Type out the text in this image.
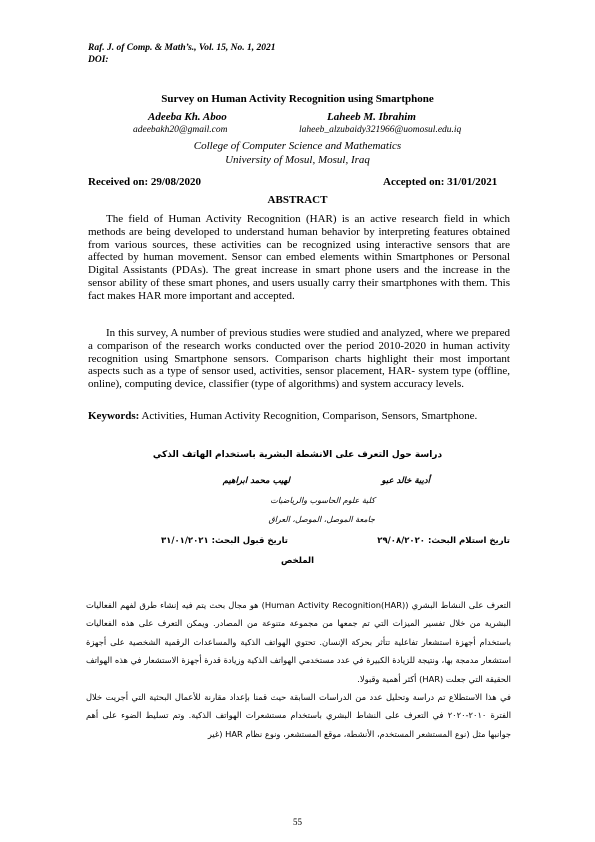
Raf. J. of Comp. & Math’s., Vol. 15, No. 1, 2021
DOI:
Survey on Human Activity Recognition using Smartphone
Adeeba Kh. Aboo	Laheeb M. Ibrahim
adeebakh20@gmail.com	laheeb_alzubaidy321966@uomosul.edu.iq
College of Computer Science and Mathematics
University of Mosul, Mosul, Iraq
Received on: 29/08/2020	Accepted on: 31/01/2021
ABSTRACT
The field of Human Activity Recognition (HAR) is an active research field in which methods are being developed to understand human behavior by interpreting features obtained from various sources, these activities can be recognized using interactive sensors that are affected by human movement. Sensor can embed elements within Smartphones or Personal Digital Assistants (PDAs). The great increase in smart phone users and the increase in the sensor ability of these smart phones, and users usually carry their smartphones with them. This fact makes HAR more important and accepted.
In this survey, A number of previous studies were studied and analyzed, where we prepared a comparison of the research works conducted over the period 2010-2020 in human activity recognition using Smartphone sensors. Comparison charts highlight their most important aspects such as a type of sensor used, activities, sensor placement, HAR- system type (offline, online), computing device, classifier (type of algorithms) and system accuracy levels.
Keywords: Activities, Human Activity Recognition, Comparison, Sensors, Smartphone.
دراسة حول التعرف على الانشطة البشرية باستخدام الهاتف الذكي
أديبة خالد عبو
لهيب محمد ابراهيم
كلية علوم الحاسوب والرياضيات
جامعة الموصل، الموصل، العراق
تاريخ استلام البحث: ٢٩/٠٨/٢٠٢٠
تاريخ قبول البحث: ٣١/٠١/٢٠٢١
الملخص
التعرف على النشاط البشري (Human Activity Recognition(HAR)) هو مجال بحث يتم فيه إنشاء طرق لفهم الفعاليات البشرية من خلال تفسير الميزات التي تم جمعها من مجموعة متنوعة من المصادر. ويمكن التعرف على هذه الفعاليات باستخدام أجهزة استشعار تفاعلية تتأثر بحركة الإنسان. تحتوي الهواتف الذكية والمساعدات الرقمية الشخصية على أجهزة استشعار مدمجة بها، ونتيجة للزيادة الكبيرة في عدد مستخدمي الهواتف الذكية وزيادة قدرة أجهزة الاستشعار في هذه الهواتف الحقيقة التي جعلت (HAR) أكثر أهمية وقبولا.
في هذا الاستطلاع تم دراسة وتحليل عدد من الدراسات السابقة حيث قمنا بإعداد مقارنة للأعمال البحثية التي أجريت خلال الفترة ٢٠١٠-٢٠٢٠ في التعرف على النشاط البشري باستخدام مستشعرات الهواتف الذكية. وتم تسليط الضوء على أهم جوانبها مثل (نوع المستشعر المستخدم، الأنشطة، موقع المستشعر، ونوع نظام HAR (غير
55
